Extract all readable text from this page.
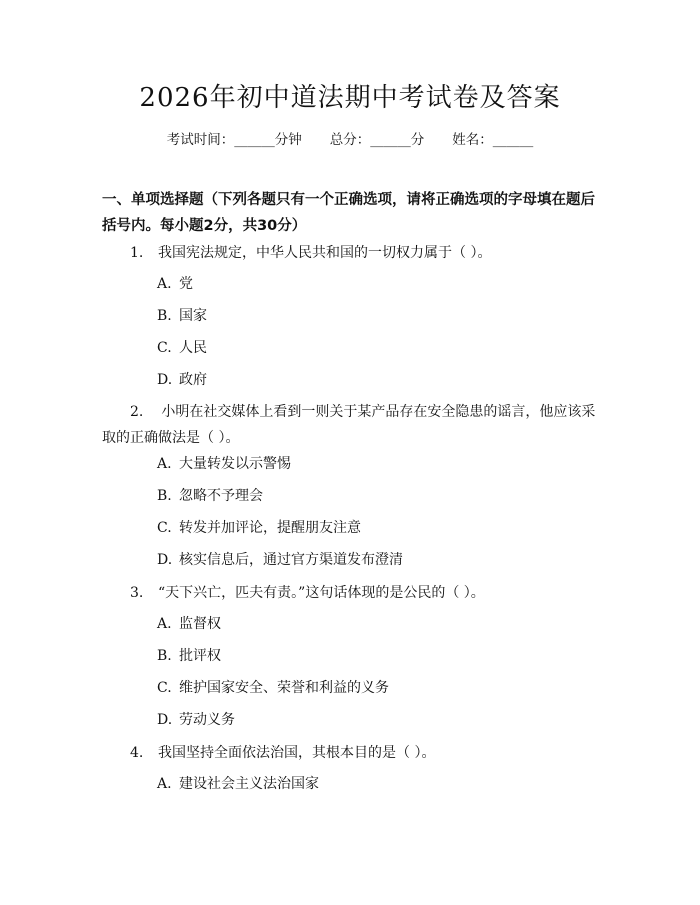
2026年初中道法期中考试卷及答案
考试时间：______分钟 总分：______分 姓名：______
一、单项选择题（下列各题只有一个正确选项，请将正确选项的字母填在题后括号内。每小题2分，共30分）
1. 我国宪法规定，中华人民共和国的一切权力属于（ ）。
A. 党
B. 国家
C. 人民
D. 政府
2. 小明在社交媒体上看到一则关于某产品存在安全隐患的谣言，他应该采取的正确做法是（ ）。
A. 大量转发以示警惕
B. 忽略不予理会
C. 转发并加评论，提醒朋友注意
D. 核实信息后，通过官方渠道发布澄清
3. “天下兴亡，匹夫有责。”这句话体现的是公民的（ ）。
A. 监督权
B. 批评权
C. 维护国家安全、荣誉和利益的义务
D. 劳动义务
4. 我国坚持全面依法治国，其根本目的是（ ）。
A. 建设社会主义法治国家
